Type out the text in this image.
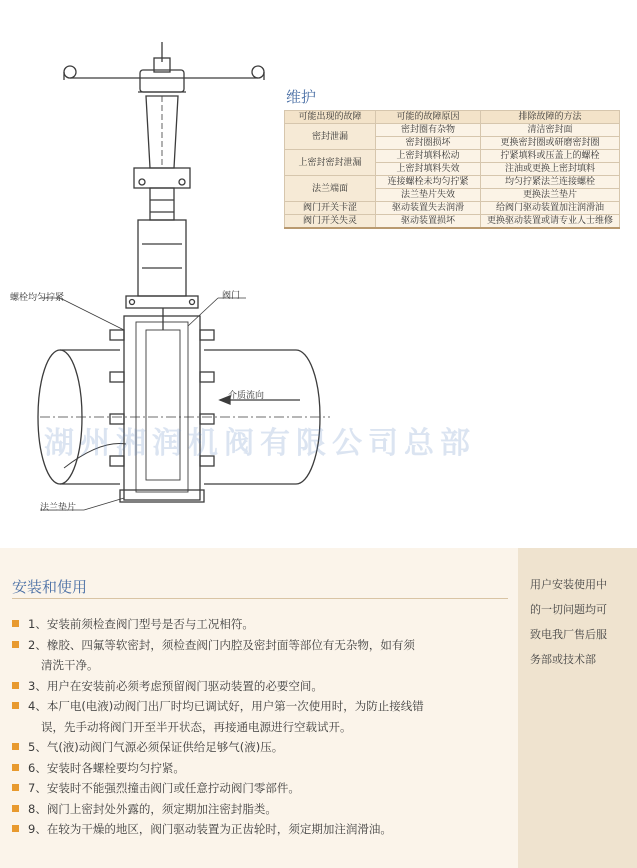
螺栓均匀拧紧	阀门
介质流向
法兰垫片
湖州湘润机阀有限公司总部
维护
可能出现的故障	可能的故障原因	排除故障的方法
密封泄漏	密封圈有杂物	清洁密封面
	密封圈损坏	更换密封圈或研磨密封圈
上密封密封泄漏	上密封填料松动	拧紧填料或压盖上的螺栓
	上密封填料失效	注油或更换上密封填料
法兰端面	连接螺栓未均匀拧紧	均匀拧紧法兰连接螺栓
	法兰垫片失效	更换法兰垫片
阀门开关卡涩	驱动装置失去润滑	给阀门驱动装置加注润滑油
阀门开关失灵	驱动装置损坏	更换驱动装置或请专业人士维修
安装和使用
1、安装前须检查阀门型号是否与工况相符。
2、橡胶、四氟等软密封，须检查阀门内腔及密封面等部位有无杂物，如有须
清洗干净。
3、用户在安装前必须考虑预留阀门驱动装置的必要空间。
4、本厂电(电液)动阀门出厂时均已调试好，用户第一次使用时，为防止接线错
误，先手动将阀门开至半开状态，再接通电源进行空载试开。
5、气(液)动阀门气源必须保证供给足够气(液)压。
6、安装时各螺栓要均匀拧紧。
7、安装时不能强烈撞击阀门或任意拧动阀门零部件。
8、阀门上密封处外露的，须定期加注密封脂类。
9、在较为干燥的地区，阀门驱动装置为正齿轮时，须定期加注润滑油。
用户安装使用中
的一切问题均可
致电我厂售后服
务部或技术部
